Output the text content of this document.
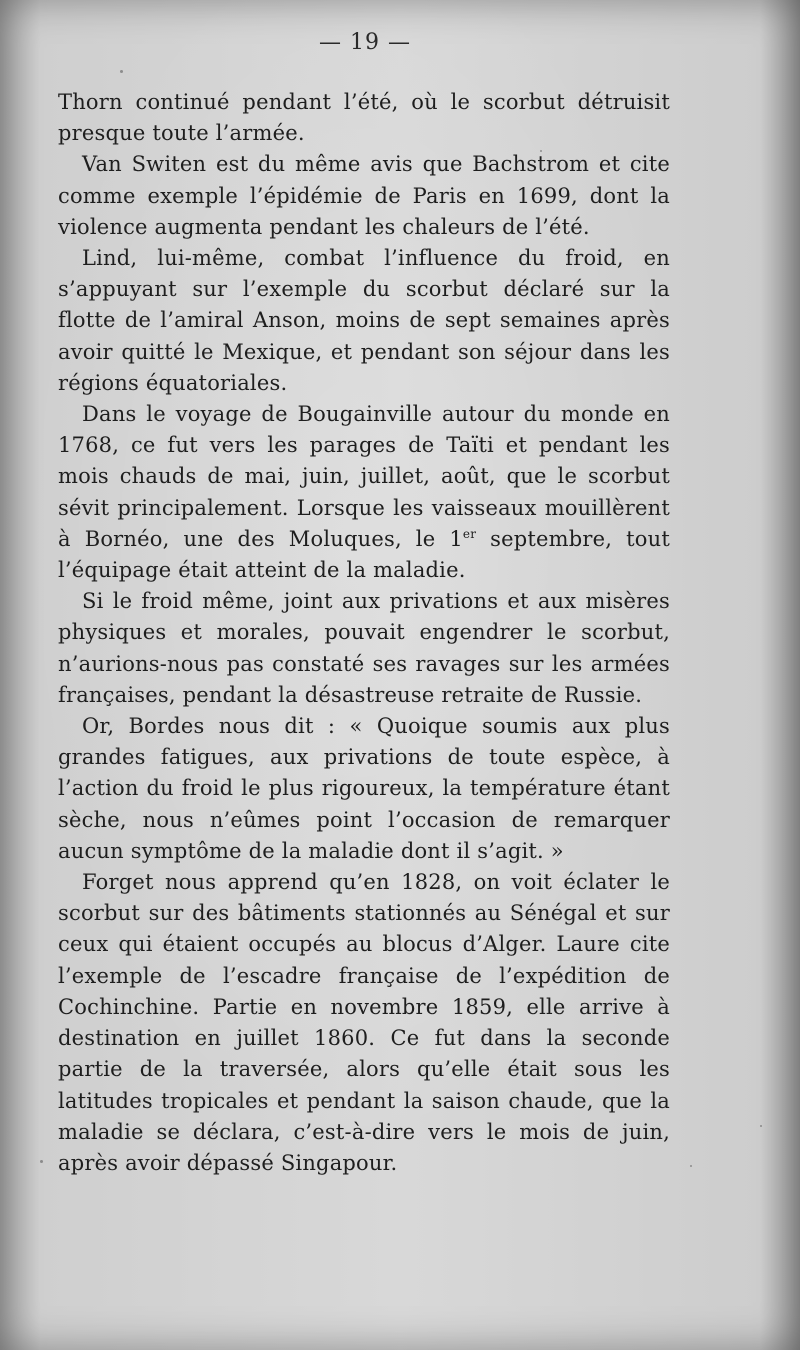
— 19 —

Thorn continué pendant l’été, où le scorbut détruisit presque toute l’armée.

Van Switen est du même avis que Bachstrom et cite comme exemple l’épidémie de Paris en 1699, dont la violence augmenta pendant les chaleurs de l’été.

Lind, lui-même, combat l’influence du froid, en s’appuyant sur l’exemple du scorbut déclaré sur la flotte de l’amiral Anson, moins de sept semaines après avoir quitté le Mexique, et pendant son séjour dans les régions équatoriales.

Dans le voyage de Bougainville autour du monde en 1768, ce fut vers les parages de Taïti et pendant les mois chauds de mai, juin, juillet, août, que le scorbut sévit principalement. Lorsque les vaisseaux mouillèrent à Bornéo, une des Moluques, le 1er septembre, tout l’équipage était atteint de la maladie.

Si le froid même, joint aux privations et aux misères physiques et morales, pouvait engendrer le scorbut, n’aurions-nous pas constaté ses ravages sur les armées françaises, pendant la désastreuse retraite de Russie.

Or, Bordes nous dit : « Quoique soumis aux plus grandes fatigues, aux privations de toute espèce, à l’action du froid le plus rigoureux, la température étant sèche, nous n’eûmes point l’occasion de remarquer aucun symptôme de la maladie dont il s’agit. »

Forget nous apprend qu’en 1828, on voit éclater le scorbut sur des bâtiments stationnés au Sénégal et sur ceux qui étaient occupés au blocus d’Alger. Laure cite l’exemple de l’escadre française de l’expédition de Cochinchine. Partie en novembre 1859, elle arrive à destination en juillet 1860. Ce fut dans la seconde partie de la traversée, alors qu’elle était sous les latitudes tropicales et pendant la saison chaude, que la maladie se déclara, c’est-à-dire vers le mois de juin, après avoir dépassé Singapour.
